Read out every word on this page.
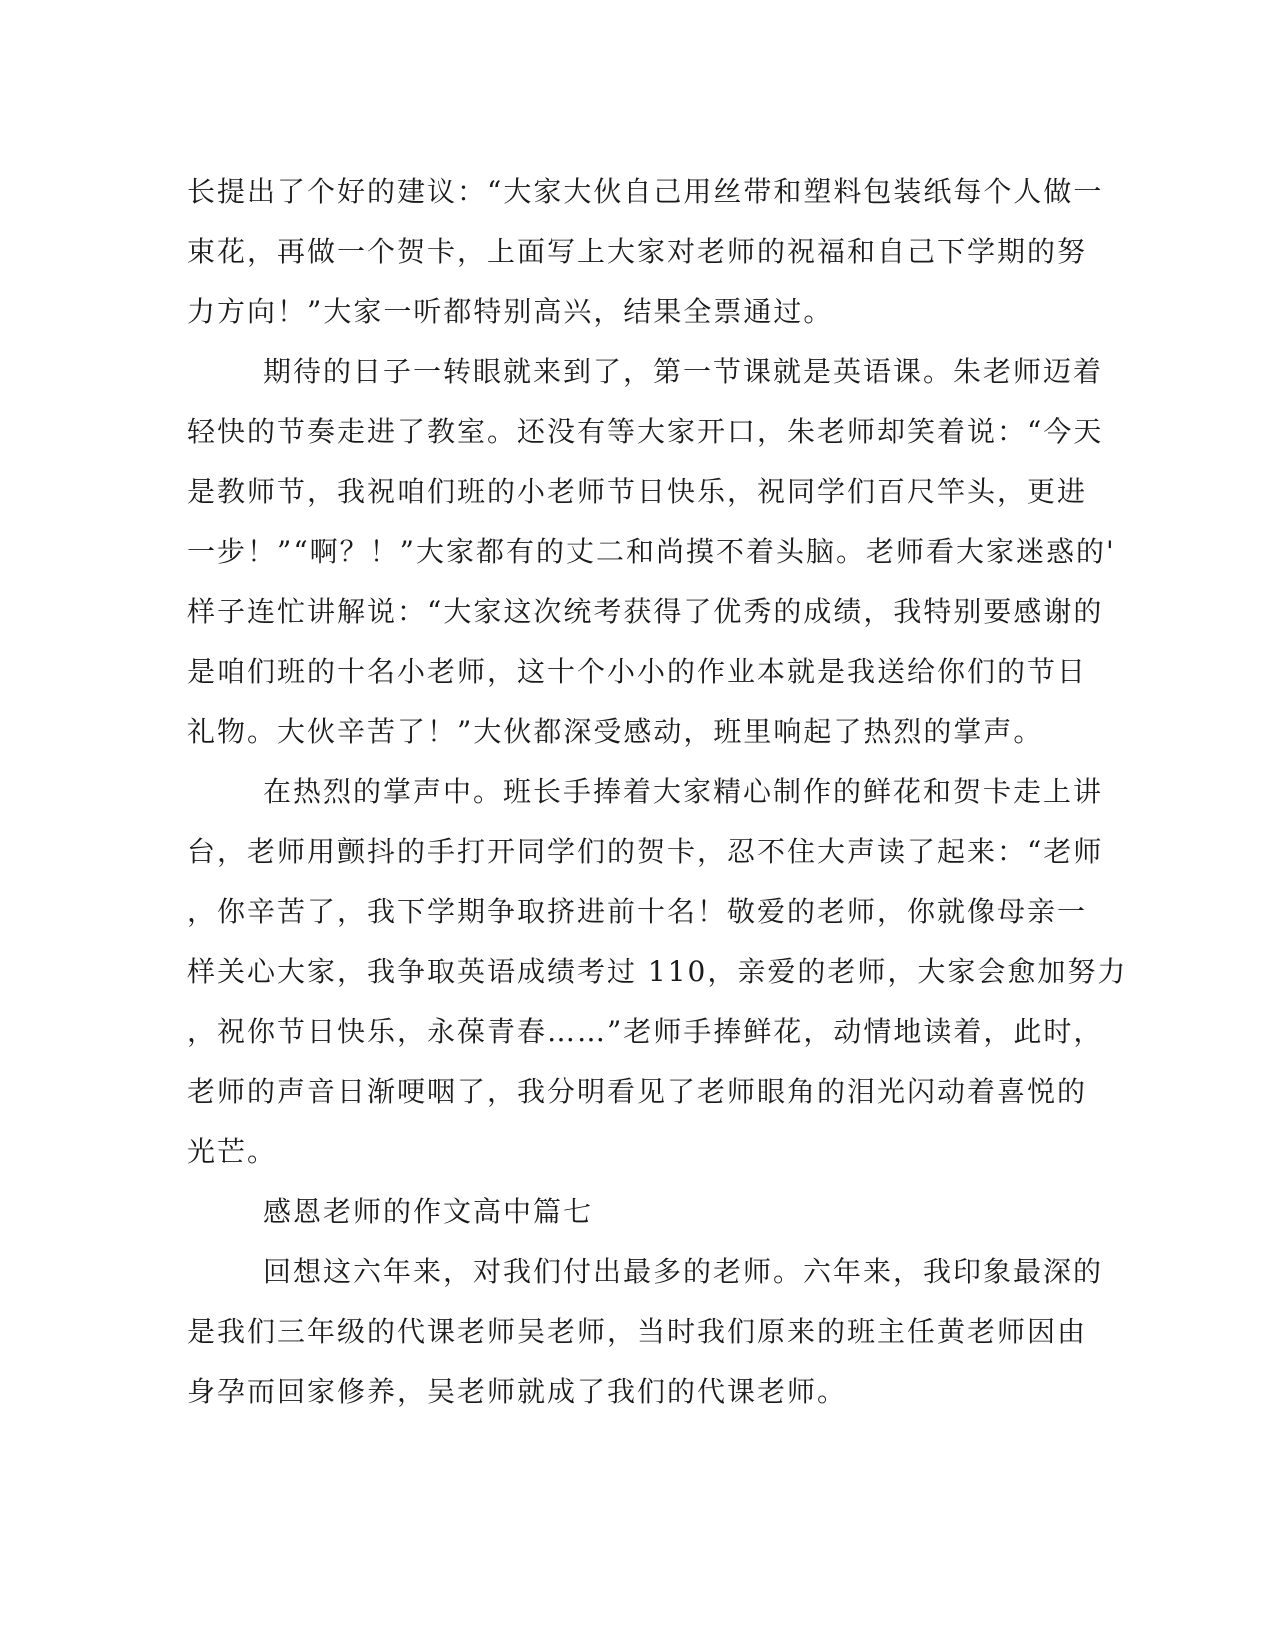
长提出了个好的建议：“大家大伙自己用丝带和塑料包装纸每个人做一
束花，再做一个贺卡，上面写上大家对老师的祝福和自己下学期的努
力方向！”大家一听都特别高兴，结果全票通过。
期待的日子一转眼就来到了，第一节课就是英语课。朱老师迈着
轻快的节奏走进了教室。还没有等大家开口，朱老师却笑着说：“今天
是教师节，我祝咱们班的小老师节日快乐，祝同学们百尺竿头，更进
一步！”“啊？！”大家都有的丈二和尚摸不着头脑。老师看大家迷惑的'
样子连忙讲解说：“大家这次统考获得了优秀的成绩，我特别要感谢的
是咱们班的十名小老师，这十个小小的作业本就是我送给你们的节日
礼物。大伙辛苦了！”大伙都深受感动，班里响起了热烈的掌声。
在热烈的掌声中。班长手捧着大家精心制作的鲜花和贺卡走上讲
台，老师用颤抖的手打开同学们的贺卡，忍不住大声读了起来：“老师
，你辛苦了，我下学期争取挤进前十名！敬爱的老师，你就像母亲一
样关心大家，我争取英语成绩考过 110，亲爱的老师，大家会愈加努力
，祝你节日快乐，永葆青春……”老师手捧鲜花，动情地读着，此时，
老师的声音日渐哽咽了，我分明看见了老师眼角的泪光闪动着喜悦的
光芒。
感恩老师的作文高中篇七
回想这六年来，对我们付出最多的老师。六年来，我印象最深的
是我们三年级的代课老师吴老师，当时我们原来的班主任黄老师因由
身孕而回家修养，吴老师就成了我们的代课老师。
